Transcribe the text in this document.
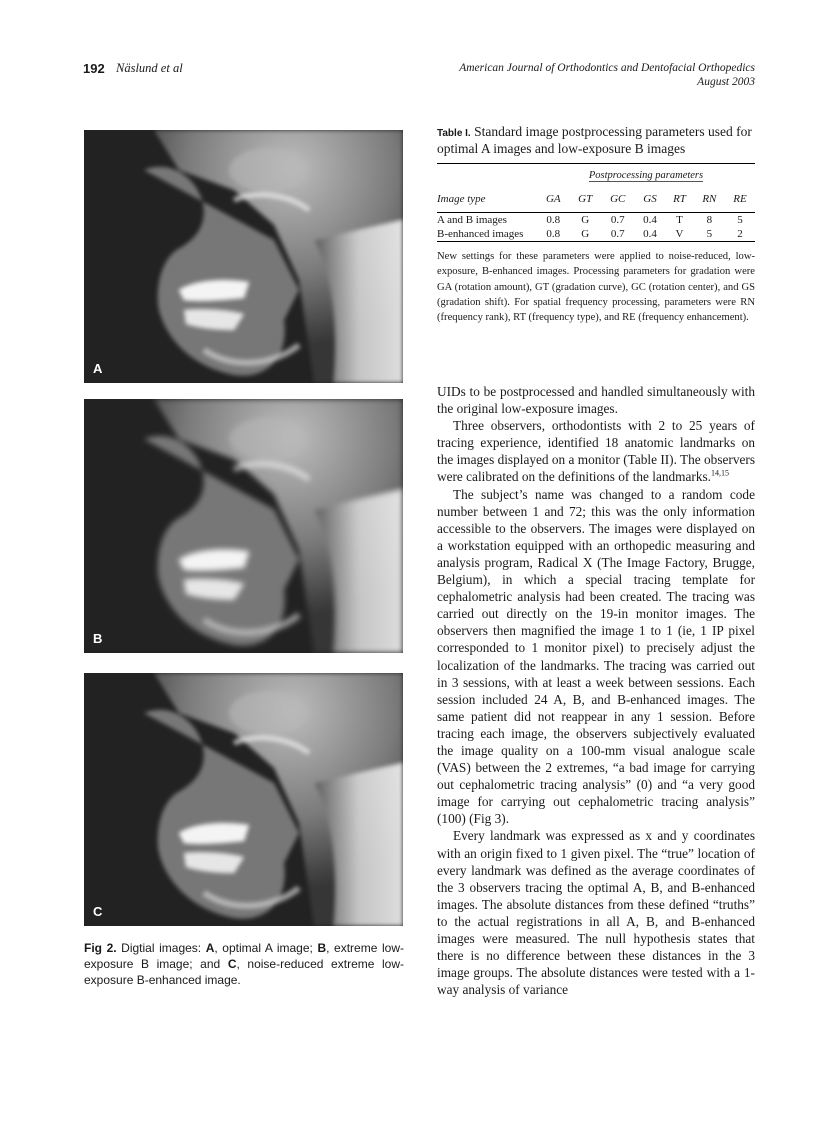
192 Näslund et al	American Journal of Orthodontics and Dentofacial Orthopedics
August 2003
A
B
C
Fig 2. Digtial images: A, optimal A image; B, extreme low-exposure B image; and C, noise-reduced extreme low-exposure B-enhanced image.
Table I. Standard image postprocessing parameters used for optimal A images and low-exposure B images
	Postprocessing parameters						
Image type	GA	GT	GC	GS	RT	RN	RE
A and B images	0.8	G	0.7	0.4	T	8	5
B-enhanced images	0.8	G	0.7	0.4	V	5	2

New settings for these parameters were applied to noise-reduced, low-exposure, B-enhanced images. Processing parameters for gradation were GA (rotation amount), GT (gradation curve), GC (rotation center), and GS (gradation shift). For spatial frequency processing, parameters were RN (frequency rank), RT (frequency type), and RE (frequency enhancement).

UIDs to be postprocessed and handled simultaneously with the original low-exposure images.

Three observers, orthodontists with 2 to 25 years of tracing experience, identified 18 anatomic landmarks on the images displayed on a monitor (Table II). The observers were calibrated on the definitions of the landmarks.$^{14,15}$

The subject’s name was changed to a random code number between 1 and 72; this was the only information accessible to the observers. The images were displayed on a workstation equipped with an orthopedic measuring and analysis program, Radical X (The Image Factory, Brugge, Belgium), in which a special tracing template for cephalometric analysis had been created. The tracing was carried out directly on the 19-in monitor images. The observers then magnified the image 1 to 1 (ie, 1 IP pixel corresponded to 1 monitor pixel) to precisely adjust the localization of the landmarks. The tracing was carried out in 3 sessions, with at least a week between sessions. Each session included 24 A, B, and B-enhanced images. The same patient did not reappear in any 1 session. Before tracing each image, the observers subjectively evaluated the image quality on a 100-mm visual analogue scale (VAS) between the 2 extremes, “a bad image for carrying out cephalometric tracing analysis” (0) and “a very good image for carrying out cephalometric tracing analysis” (100) (Fig 3).

Every landmark was expressed as x and y coordinates with an origin fixed to 1 given pixel. The “true” location of every landmark was defined as the average coordinates of the 3 observers tracing the optimal A, B, and B-enhanced images. The absolute distances from these defined “truths” to the actual registrations in all A, B, and B-enhanced images were measured. The null hypothesis states that there is no difference between these distances in the 3 image groups. The absolute distances were tested with a 1-way analysis of variance
